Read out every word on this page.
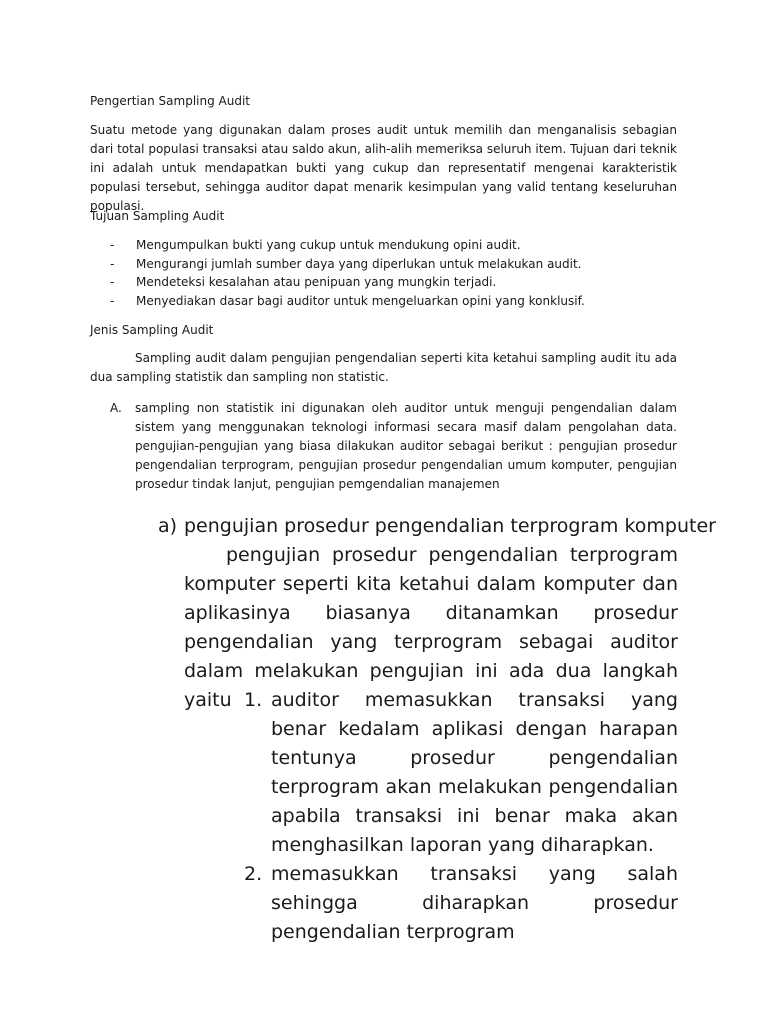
Pengertian Sampling Audit

Suatu metode yang digunakan dalam proses audit untuk memilih dan menganalisis sebagian dari total populasi transaksi atau saldo akun, alih-alih memeriksa seluruh item. Tujuan dari teknik ini adalah untuk mendapatkan bukti yang cukup dan representatif mengenai karakteristik populasi tersebut, sehingga auditor dapat menarik kesimpulan yang valid tentang keseluruhan populasi.

Tujuan Sampling Audit

- Mengumpulkan bukti yang cukup untuk mendukung opini audit.
- Mengurangi jumlah sumber daya yang diperlukan untuk melakukan audit.
- Mendeteksi kesalahan atau penipuan yang mungkin terjadi.
- Menyediakan dasar bagi auditor untuk mengeluarkan opini yang konklusif.

Jenis Sampling Audit

Sampling audit dalam pengujian pengendalian seperti kita ketahui sampling audit itu ada dua sampling statistik dan sampling non statistic.

A. sampling non statistik ini digunakan oleh auditor untuk menguji pengendalian dalam sistem yang menggunakan teknologi informasi secara masif dalam pengolahan data. pengujian-pengujian yang biasa dilakukan auditor sebagai berikut : pengujian prosedur pengendalian terprogram, pengujian prosedur pengendalian umum komputer, pengujian prosedur tindak lanjut, pengujian pemgendalian manajemen
a) pengujian prosedur pengendalian terprogram komputer

pengujian prosedur pengendalian terprogram komputer seperti kita ketahui dalam komputer dan aplikasinya biasanya ditanamkan prosedur pengendalian yang terprogram sebagai auditor dalam melakukan pengujian ini ada dua langkah yaitu 1. auditor memasukkan transaksi yang benar kedalam aplikasi dengan harapan tentunya prosedur pengendalian terprogram akan melakukan pengendalian apabila transaksi ini benar maka akan menghasilkan laporan yang diharapkan.
2. memasukkan transaksi yang salah sehingga diharapkan prosedur pengendalian terprogram
